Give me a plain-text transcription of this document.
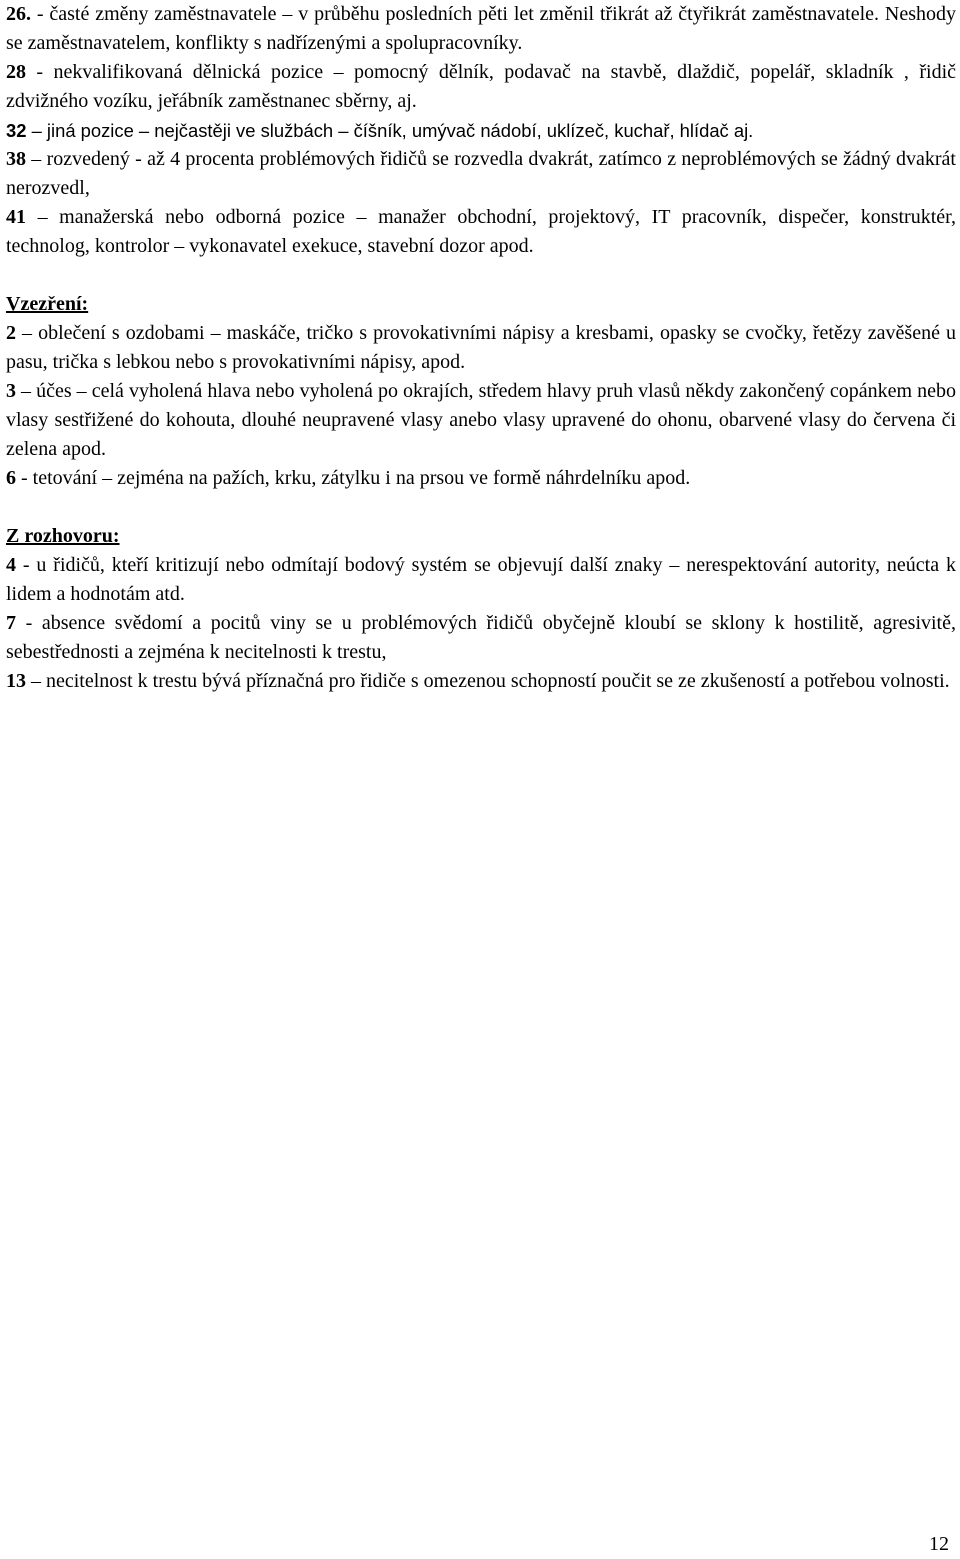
26. - časté změny zaměstnavatele – v průběhu posledních pěti let změnil třikrát až čtyřikrát zaměstnavatele. Neshody se zaměstnavatelem, konflikty s nadřízenými a spolupracovníky.

28 - nekvalifikovaná dělnická pozice – pomocný dělník, podavač na stavbě, dlaždič, popelář, skladník , řidič zdvižného vozíku, jeřábník zaměstnanec sběrny, aj.

32 – jiná pozice – nejčastěji ve službách – číšník, umývač nádobí, uklízeč, kuchař, hlídač aj.

38 – rozvedený - až 4 procenta problémových řidičů se rozvedla dvakrát, zatímco z neproblémových se žádný dvakrát nerozvedl,

41 – manažerská nebo odborná pozice – manažer obchodní, projektový, IT pracovník, dispečer, konstruktér, technolog, kontrolor – vykonavatel exekuce, stavební dozor apod.

Vzezření:

2 – oblečení s ozdobami – maskáče, tričko s provokativními nápisy a kresbami, opasky se cvočky, řetězy zavěšené u pasu, trička s lebkou nebo s provokativními nápisy, apod.

3 – účes – celá vyholená hlava nebo vyholená po okrajích, středem hlavy pruh vlasů někdy zakončený copánkem nebo vlasy sestřižené do kohouta, dlouhé neupravené vlasy anebo vlasy upravené do ohonu, obarvené vlasy do červena či zelena apod.

6 - tetování – zejména na pažích, krku, zátylku i na prsou ve formě náhrdelníku apod.

Z rozhovoru:

4 - u řidičů, kteří kritizují nebo odmítají bodový systém se objevují další znaky – nerespektování autority, neúcta k lidem a hodnotám atd.

7 - absence svědomí a pocitů viny se u problémových řidičů obyčejně kloubí se sklony k hostilitě, agresivitě, sebestřednosti a zejména k necitelnosti k trestu,

13 – necitelnost k trestu bývá příznačná pro řidiče s omezenou schopností poučit se ze zkušeností a potřebou volnosti.

12
